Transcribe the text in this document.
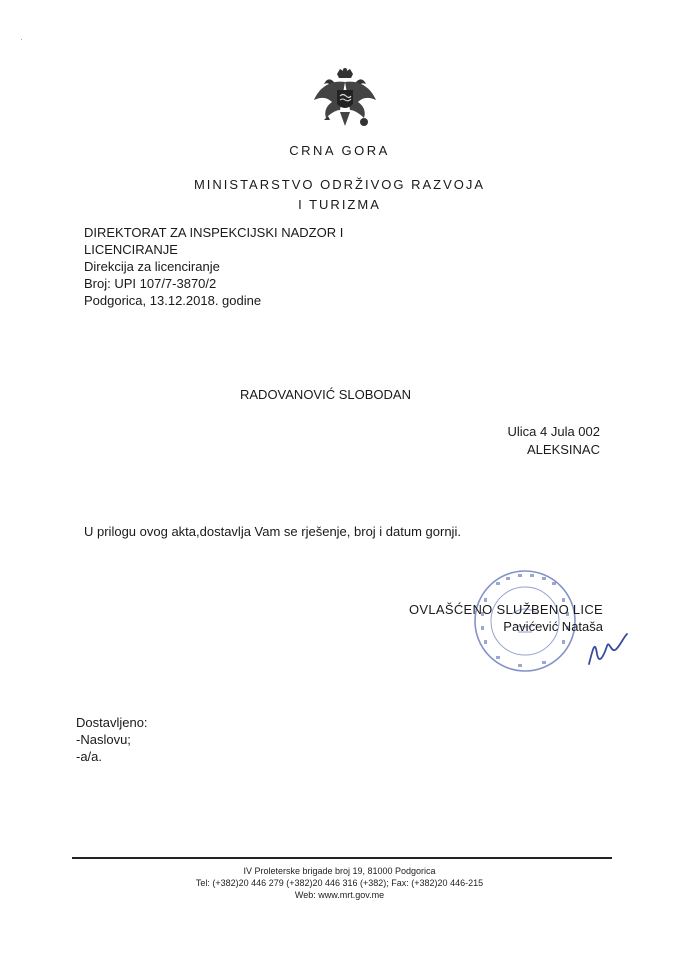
·
CRNA GORA
MINISTARSTVO ODRŽIVOG RAZVOJA
I TURIZMA
DIREKTORAT ZA INSPEKCIJSKI NADZOR I
LICENCIRANJE
Direkcija za licenciranje
Broj: UPI 107/7-3870/2
Podgorica, 13.12.2018. godine
RADOVANOVIĆ SLOBODAN
Ulica 4 Jula 002
ALEKSINAC
U prilogu ovog akta,dostavlja Vam se rješenje, broj i datum gornji.
OVLAŠĆENO SLUŽBENO LICE
Pavićević Nataša
Dostavljeno:
-Naslovu;
-a/a.
IV Proleterske brigade broj 19, 81000 Podgorica
Tel: (+382)20 446 279 (+382)20 446 316 (+382); Fax: (+382)20 446-215
Web: www.mrt.gov.me
